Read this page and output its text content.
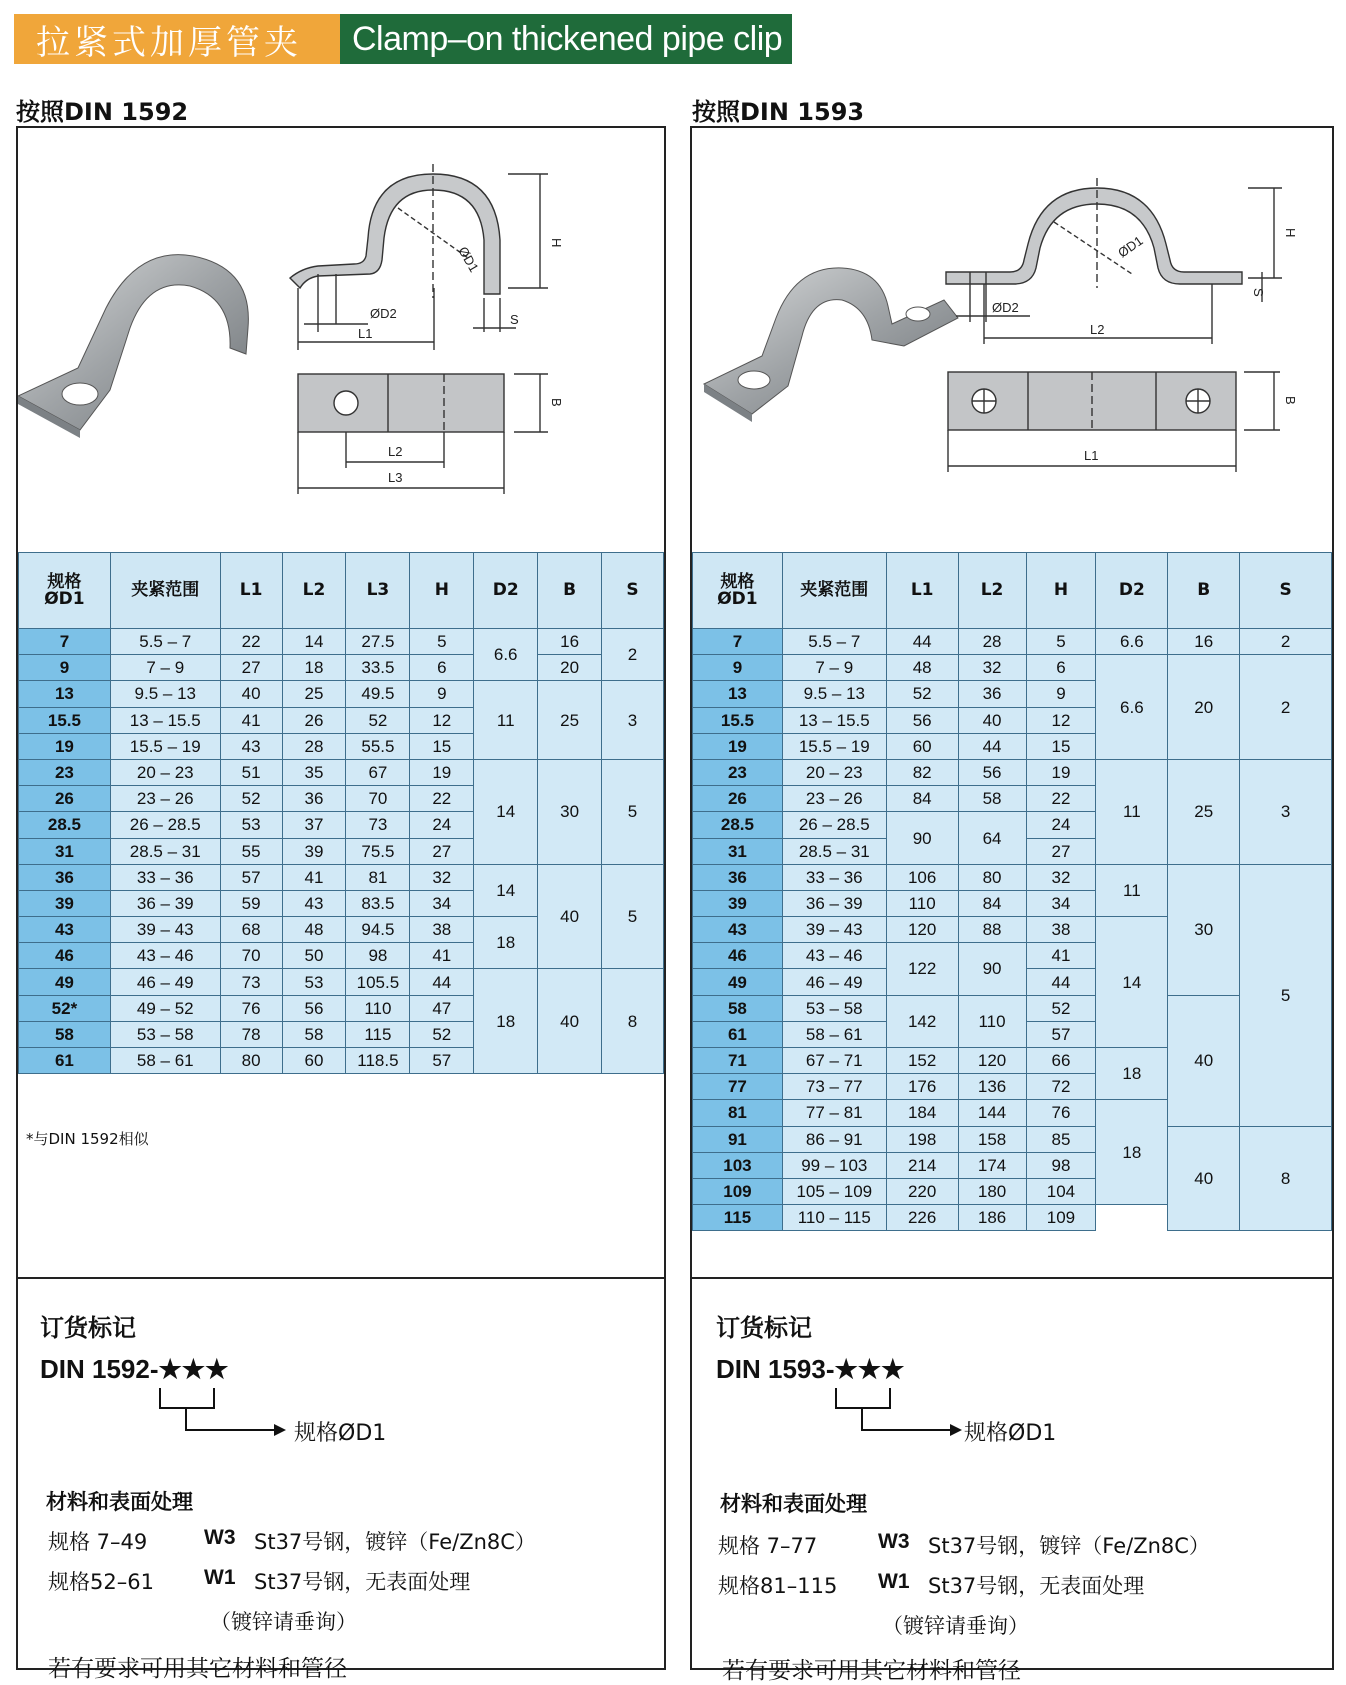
拉紧式加厚管夹	Clamp–on thickened pipe clip
按照DIN 1592	按照DIN 1593
ØD1
ØD2
H
S
L1
L2
L3
B
规格
ØD1	夹紧范围	L1	L2	L3	H	D2	B	S
7	5.5 – 7	22	14	27.5	5	6.6	16	2
9	7 – 9	27	18	33.5	6		20	
13	9.5 – 13	40	25	49.5	9	11	25	3
15.5	13 – 15.5	41	26	52	12			
19	15.5 – 19	43	28	55.5	15			
23	20 – 23	51	35	67	19	14	30	5
26	23 – 26	52	36	70	22			
28.5	26 – 28.5	53	37	73	24			
31	28.5 – 31	55	39	75.5	27			
36	33 – 36	57	41	81	32	14	40	5
39	36 – 39	59	43	83.5	34			
43	39 – 43	68	48	94.5	38	18		
46	43 – 46	70	50	98	41			
49	46 – 49	73	53	105.5	44	18	40	8
52*	49 – 52	76	56	110	47			
58	53 – 58	78	58	115	52			
61	58 – 61	80	60	118.5	57			
*与DIN 1592相似
订货标记
DIN 1592-★★★
规格ØD1
材料和表面处理
规格 7–49	W3 St37号钢，镀锌（Fe/Zn8C）
规格52–61 W1 St37号钢，无表面处理
（镀锌请垂询）
若有要求可用其它材料和管径
ØD1
ØD2
H
S
L2
L1
B
规格
ØD1	夹紧范围	L1	L2	H	D2	B	S
7	5.5 – 7	44	28	5	6.6	16	2
9	7 – 9	48	32	6	6.6	20	2
13	9.5 – 13	52	36	9			
15.5	13 – 15.5	56	40	12			
19	15.5 – 19	60	44	15			
23	20 – 23	82	56	19	11	25	3
26	23 – 26	84	58	22			
28.5	26 – 28.5	90	64	24			
31	28.5 – 31			27			
36	33 – 36	106	80	32	11	30	5
39	36 – 39	110	84	34			
43	39 – 43	120	88	38	14		
46	43 – 46	122	90	41			
49	46 – 49			44			
58	53 – 58	142	110	52		40	
61	58 – 61			57			
71	67 – 71	152	120	66	18		
77	73 – 77	176	136	72			
81	77 – 81	184	144	76	18		
91	86 – 91	198	158	85		40	8
103	99 – 103	214	174	98			
109	105 – 109	220	180	104			
115	110 – 115	226	186	109			
订货标记
DIN 1593-★★★
规格ØD1
材料和表面处理
规格 7–77	W3 St37号钢，镀锌（Fe/Zn8C）
规格81–115 W1 St37号钢，无表面处理
（镀锌请垂询）
若有要求可用其它材料和管径
